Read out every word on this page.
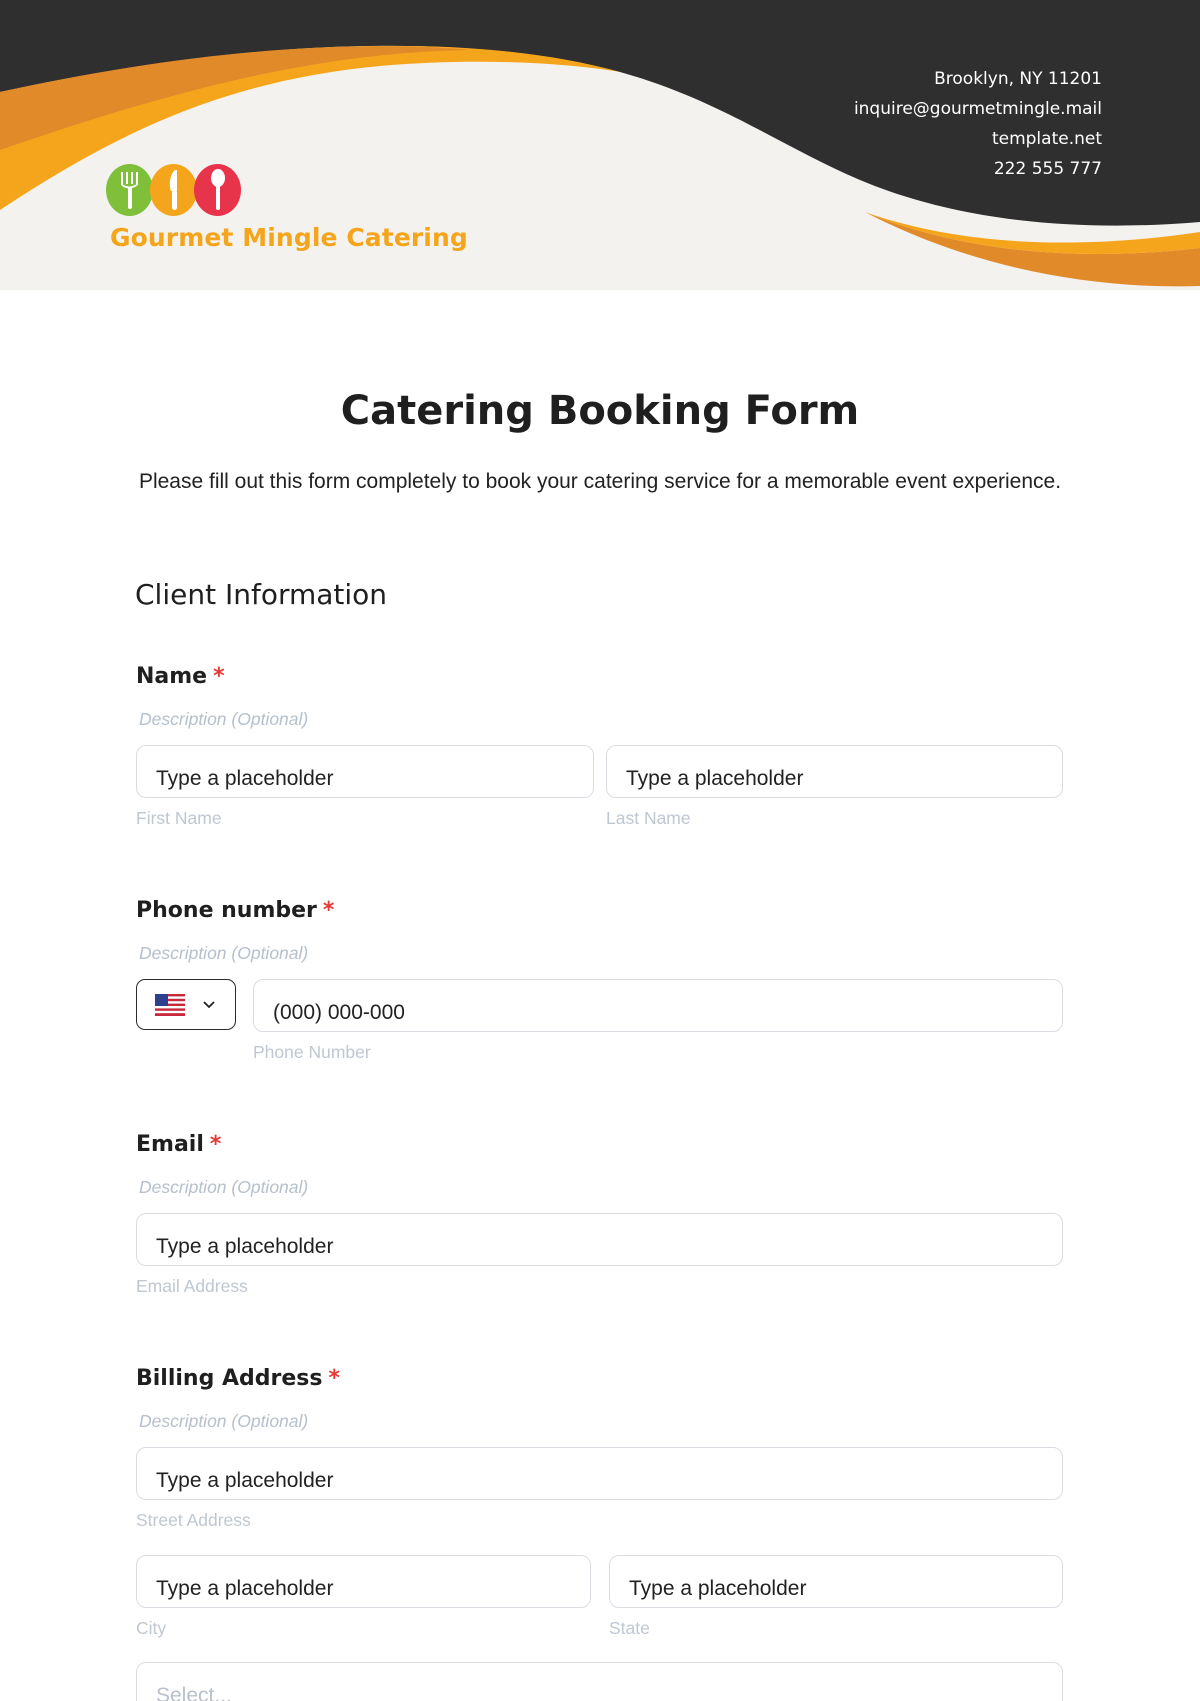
Gourmet Mingle Catering
Brooklyn, NY 11201
inquire@gourmetmingle.mail
template.net
222 555 777
Catering Booking Form
Please fill out this form completely to book your catering service for a memorable event experience.
Client Information
Name *
Description (Optional)
Type a placeholder
First Name
Type a placeholder
Last Name
Phone number *
Description (Optional)
(000) 000-000
Phone Number
Email *
Description (Optional)
Type a placeholder
Email Address
Billing Address *
Description (Optional)
Type a placeholder
Street Address
Type a placeholder
City
Type a placeholder
State
Select...
